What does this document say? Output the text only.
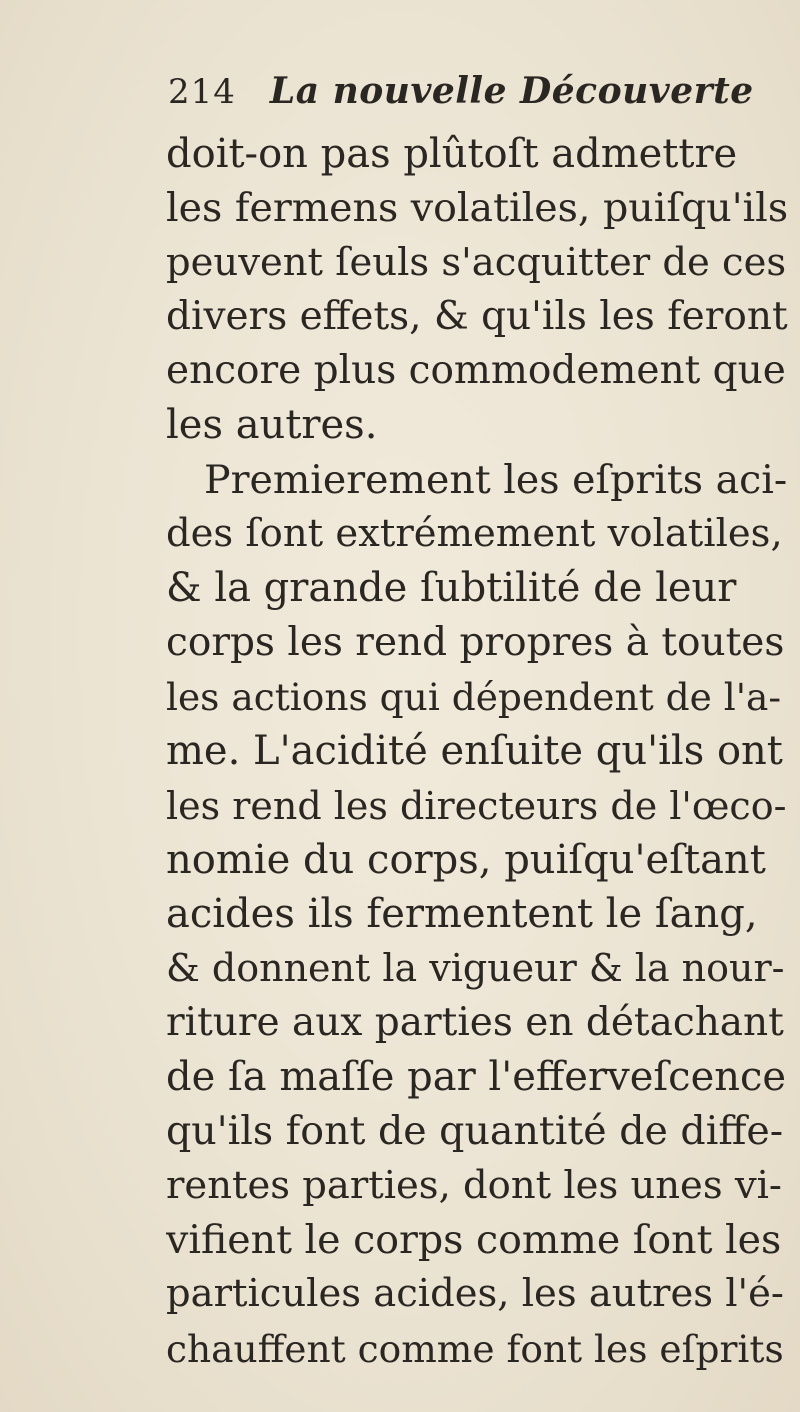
214 La nouvelle Découverte
doit-on pas plûtoſt admettre
les fermens volatiles, puiſqu'ils
peuvent ſeuls s'acquitter de ces
divers effets, & qu'ils les feront
encore plus commodement que
les autres.
Premierement les eſprits aci-
des ſont extrémement volatiles,
& la grande ſubtilité de leur
corps les rend propres à toutes
les actions qui dépendent de l'a-
me. L'acidité enſuite qu'ils ont
les rend les directeurs de l'œco-
nomie du corps, puiſqu'eſtant
acides ils fermentent le ſang,
& donnent la vigueur & la nour-
riture aux parties en détachant
de ſa maſſe par l'efferveſcence
qu'ils font de quantité de diffe-
rentes parties, dont les unes vi-
vifient le corps comme ſont les
particules acides, les autres l'é-
chauffent comme font les eſprits
